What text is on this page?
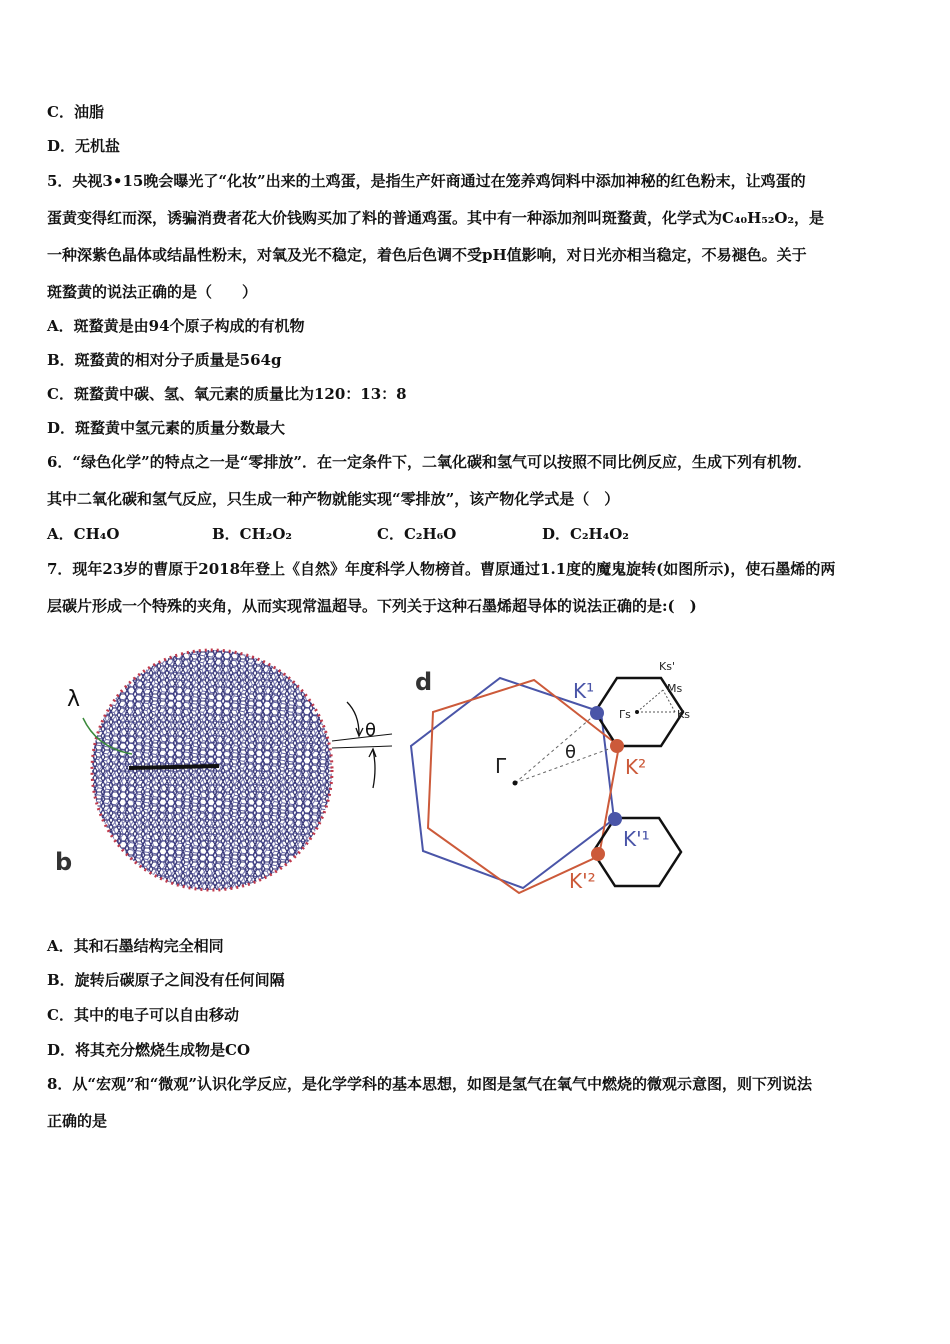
C．油脂
D．无机盐
5．央视3•15晚会曝光了“化妆”出来的土鸡蛋，是指生产奸商通过在笼养鸡饲料中添加神秘的红色粉末，让鸡蛋的
蛋黄变得红而深，诱骗消费者花大价钱购买加了料的普通鸡蛋。其中有一种添加剂叫斑蝥黄，化学式为C₄₀H₅₂O₂，是
一种深紫色晶体或结晶性粉末，对氧及光不稳定，着色后色调不受pH值影响，对日光亦相当稳定，不易褪色。关于
斑蝥黄的说法正确的是（　　）
A．斑蝥黄是由94个原子构成的有机物
B．斑蝥黄的相对分子质量是564g
C．斑蝥黄中碳、氢、氧元素的质量比为120：13：8
D．斑蝥黄中氢元素的质量分数最大
6．“绿色化学”的特点之一是“零排放”．在一定条件下，二氧化碳和氢气可以按照不同比例反应，生成下列有机物．
其中二氧化碳和氢气反应，只生成一种产物就能实现“零排放”，该产物化学式是（　）
A．CH₄O	B．CH₂O₂	C．C₂H₆O	D．C₂H₄O₂
7．现年23岁的曹原于2018年登上《自然》年度科学人物榜首。曹原通过1.1度的魔鬼旋转(如图所示)，使石墨烯的两
层碳片形成一个特殊的夹角，从而实现常温超导。下列关于这种石墨烯超导体的说法正确的是:(　)
λ
b
θ
d
Γ
θ
Γs	Ks
Ms
Ks'
K¹
K²
K'¹
K'²
A．其和石墨结构完全相同
B．旋转后碳原子之间没有任何间隔
C．其中的电子可以自由移动
D．将其充分燃烧生成物是CO
8．从“宏观”和“微观”认识化学反应，是化学学科的基本思想，如图是氢气在氧气中燃烧的微观示意图，则下列说法
正确的是
